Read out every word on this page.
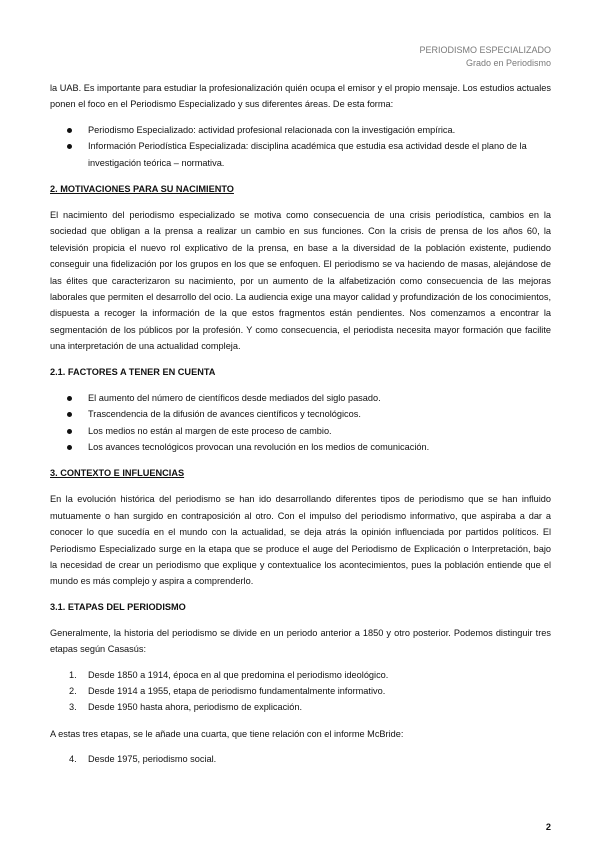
PERIODISMO ESPECIALIZADO
Grado en Periodismo

la UAB. Es importante para estudiar la profesionalización quién ocupa el emisor y el propio mensaje. Los estudios actuales ponen el foco en el Periodismo Especializado y sus diferentes áreas. De esta forma:

Periodismo Especializado: actividad profesional relacionada con la investigación empírica.
Información Periodística Especializada: disciplina académica que estudia esa actividad desde el plano de la investigación teórica – normativa.
2. MOTIVACIONES PARA SU NACIMIENTO

El nacimiento del periodismo especializado se motiva como consecuencia de una crisis periodística, cambios en la sociedad que obligan a la prensa a realizar un cambio en sus funciones. Con la crisis de prensa de los años 60, la televisión propicia el nuevo rol explicativo de la prensa, en base a la diversidad de la población existente, pudiendo conseguir una fidelización por los grupos en los que se enfoquen. El periodismo se va haciendo de masas, alejándose de las élites que caracterizaron su nacimiento, por un aumento de la alfabetización como consecuencia de las mejoras laborales que permiten el desarrollo del ocio. La audiencia exige una mayor calidad y profundización de los conocimientos, dispuesta a recoger la información de la que estos fragmentos están pendientes. Nos comenzamos a encontrar la segmentación de los públicos por la profesión. Y como consecuencia, el periodista necesita mayor formación que facilite una interpretación de una actualidad compleja.

2.1. FACTORES A TENER EN CUENTA
El aumento del número de científicos desde mediados del siglo pasado.
Trascendencia de la difusión de avances científicos y tecnológicos.
Los medios no están al margen de este proceso de cambio.
Los avances tecnológicos provocan una revolución en los medios de comunicación.
3. CONTEXTO E INFLUENCIAS

En la evolución histórica del periodismo se han ido desarrollando diferentes tipos de periodismo que se han influido mutuamente o han surgido en contraposición al otro. Con el impulso del periodismo informativo, que aspiraba a dar a conocer lo que sucedía en el mundo con la actualidad, se deja atrás la opinión influenciada por partidos políticos. El Periodismo Especializado surge en la etapa que se produce el auge del Periodismo de Explicación o Interpretación, bajo la necesidad de crear un periodismo que explique y contextualice los acontecimientos, pues la población entiende que el mundo es más complejo y aspira a comprenderlo.

3.1. ETAPAS DEL PERIODISMO

Generalmente, la historia del periodismo se divide en un periodo anterior a 1850 y otro posterior. Podemos distinguir tres etapas según Casasús:

1. Desde 1850 a 1914, época en al que predomina el periodismo ideológico.
2. Desde 1914 a 1955, etapa de periodismo fundamentalmente informativo.
3. Desde 1950 hasta ahora, periodismo de explicación.

A estas tres etapas, se le añade una cuarta, que tiene relación con el informe McBride:

4. Desde 1975, periodismo social.
2
